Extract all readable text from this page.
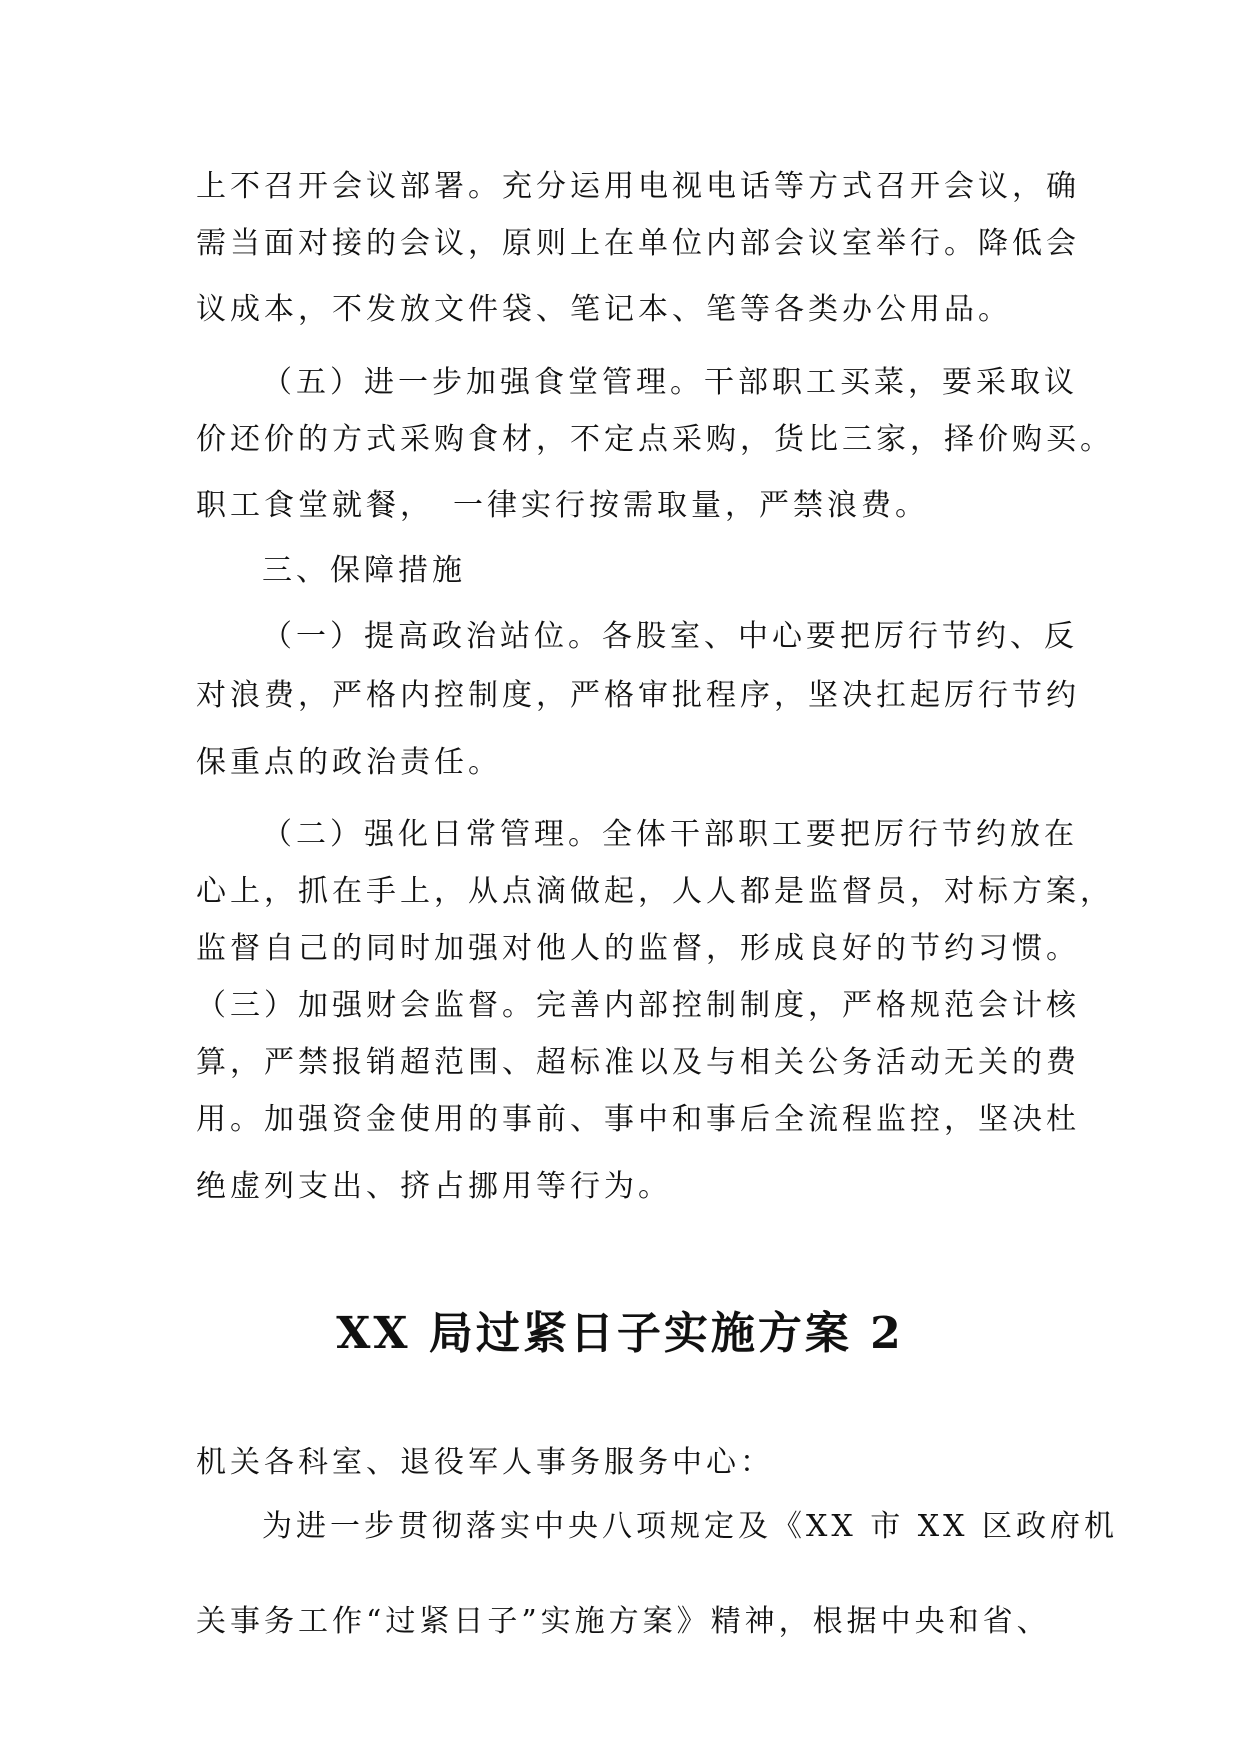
上不召开会议部署。充分运用电视电话等方式召开会议，确
需当面对接的会议，原则上在单位内部会议室举行。降低会
议成本，不发放文件袋、笔记本、笔等各类办公用品。
（五）进一步加强食堂管理。干部职工买菜，要采取议
价还价的方式采购食材，不定点采购，货比三家，择价购买。
职工食堂就餐，　一律实行按需取量，严禁浪费。
三、保障措施
（一）提高政治站位。各股室、中心要把厉行节约、反
对浪费，严格内控制度，严格审批程序，坚决扛起厉行节约
保重点的政治责任。
（二）强化日常管理。全体干部职工要把厉行节约放在
心上，抓在手上，从点滴做起，人人都是监督员，对标方案，
监督自己的同时加强对他人的监督，形成良好的节约习惯。
（三）加强财会监督。完善内部控制制度，严格规范会计核
算，严禁报销超范围、超标准以及与相关公务活动无关的费
用。加强资金使用的事前、事中和事后全流程监控，坚决杜
绝虚列支出、挤占挪用等行为。
XX 局过紧日子实施方案 2
机关各科室、退役军人事务服务中心：
为进一步贯彻落实中央八项规定及《XX 市 XX 区政府机
关事务工作“过紧日子”实施方案》精神，根据中央和省、
